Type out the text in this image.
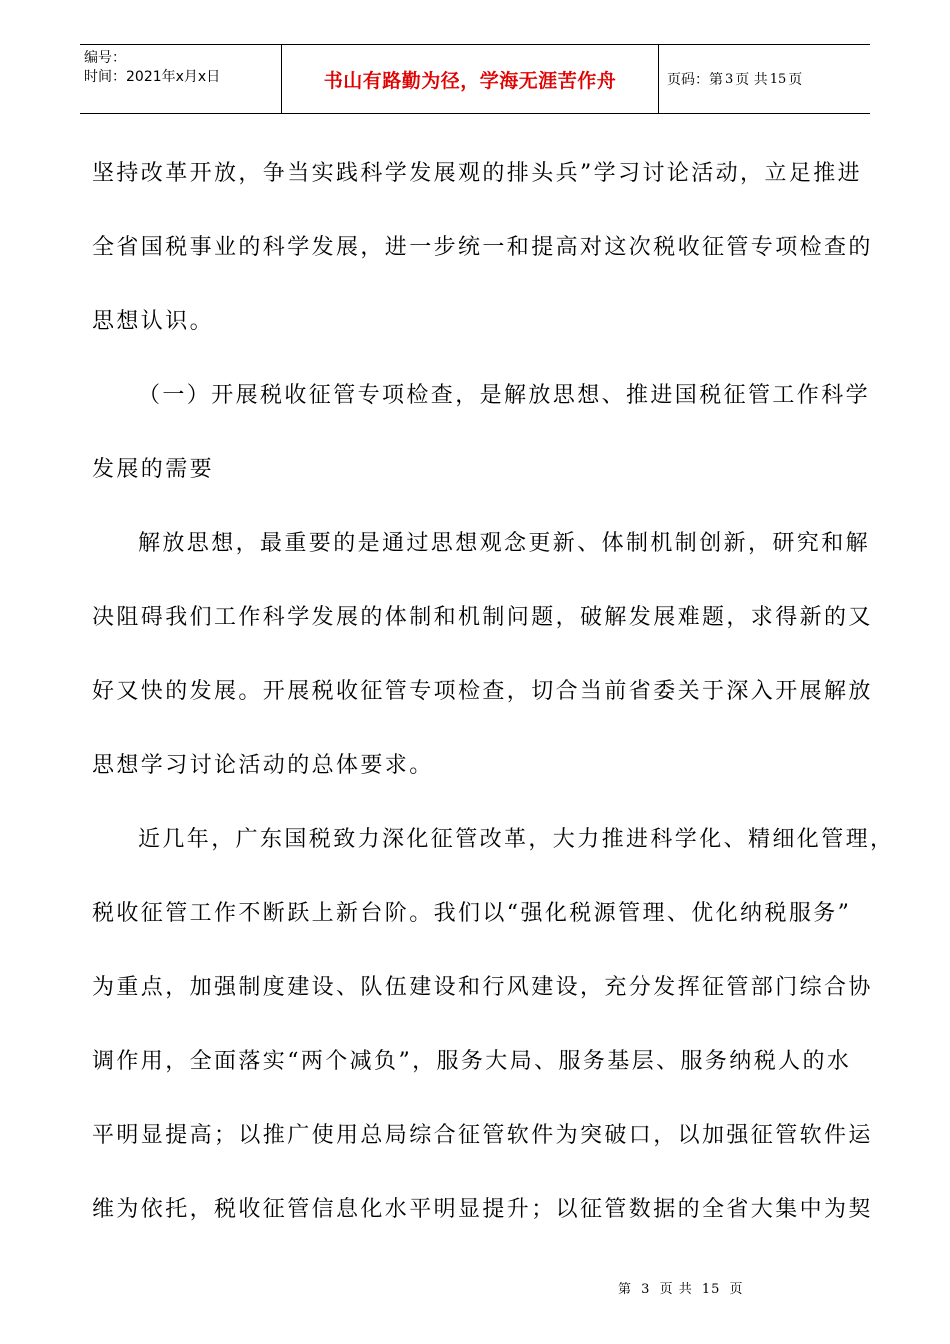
编号：
时间：2021年x月x日	书山有路勤为径，学海无涯苦作舟	页码：第 3 页 共 15 页
坚持改革开放，争当实践科学发展观的排头兵”学习讨论活动，立足推进
全省国税事业的科学发展，进一步统一和提高对这次税收征管专项检查的
思想认识。
（一）开展税收征管专项检查，是解放思想、推进国税征管工作科学
发展的需要
解放思想，最重要的是通过思想观念更新、体制机制创新，研究和解
决阻碍我们工作科学发展的体制和机制问题，破解发展难题，求得新的又
好又快的发展。开展税收征管专项检查，切合当前省委关于深入开展解放
思想学习讨论活动的总体要求。
近几年，广东国税致力深化征管改革，大力推进科学化、精细化管理，
税收征管工作不断跃上新台阶。我们以“强化税源管理、优化纳税服务”
为重点，加强制度建设、队伍建设和行风建设，充分发挥征管部门综合协
调作用，全面落实“两个减负”，服务大局、服务基层、服务纳税人的水
平明显提高；以推广使用总局综合征管软件为突破口，以加强征管软件运
维为依托，税收征管信息化水平明显提升；以征管数据的全省大集中为契
第 3 页 共 15 页
